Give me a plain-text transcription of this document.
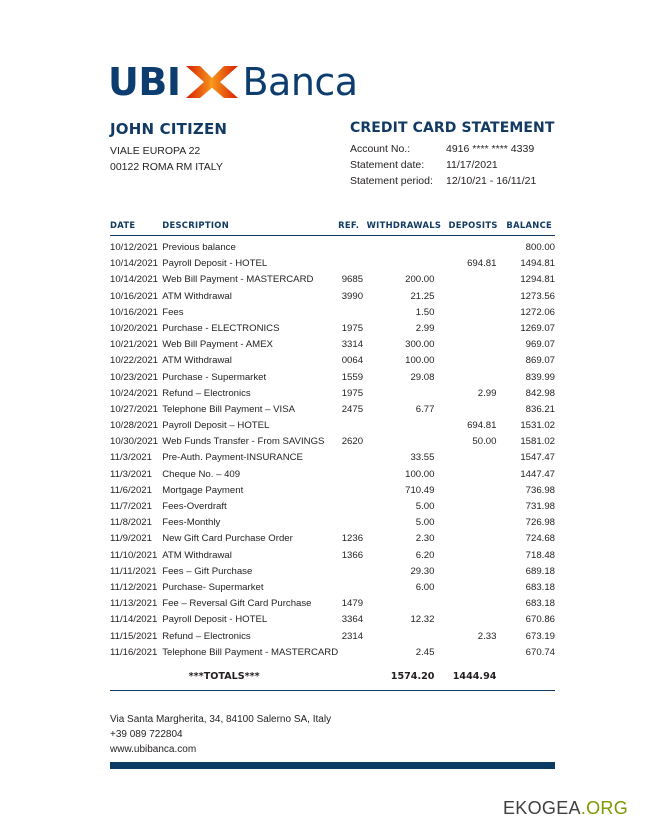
UBI Banca
JOHN CITIZEN
VIALE EUROPA 22
00122 ROMA RM ITALY
CREDIT CARD STATEMENT
Account No.:	4916 **** **** 4339
Statement date:	11/17/2021
Statement period:	12/10/21 - 16/11/21
DATE	DESCRIPTION	REF.	WITHDRAWALS	DEPOSITS	BALANCE
10/12/2021	Previous balance				800.00
10/14/2021	Payroll Deposit - HOTEL			694.81	1494.81
10/14/2021	Web Bill Payment - MASTERCARD	9685	200.00		1294.81
10/16/2021	ATM Withdrawal	3990	21.25		1273.56
10/16/2021	Fees		1.50		1272.06
10/20/2021	Purchase - ELECTRONICS	1975	2.99		1269.07
10/21/2021	Web Bill Payment - AMEX	3314	300.00		969.07
10/22/2021	ATM Withdrawal	0064	100.00		869.07
10/23/2021	Purchase - Supermarket	1559	29.08		839.99
10/24/2021	Refund – Electronics	1975		2.99	842.98
10/27/2021	Telephone Bill Payment – VISA	2475	6.77		836.21
10/28/2021	Payroll Deposit – HOTEL			694.81	1531.02
10/30/2021	Web Funds Transfer - From SAVINGS	2620		50.00	1581.02
11/3/2021	Pre-Auth. Payment-INSURANCE		33.55		1547.47
11/3/2021	Cheque No. – 409		100.00		1447.47
11/6/2021	Mortgage Payment		710.49		736.98
11/7/2021	Fees-Overdraft		5.00		731.98
11/8/2021	Fees-Monthly		5.00		726.98
11/9/2021	New Gift Card Purchase Order	1236	2.30		724.68
11/10/2021	ATM Withdrawal	1366	6.20		718.48
11/11/2021	Fees – Gift Purchase		29.30		689.18
11/12/2021	Purchase- Supermarket		6.00		683.18
11/13/2021	Fee – Reversal Gift Card Purchase	1479			683.18
11/14/2021	Payroll Deposit - HOTEL	3364	12.32		670.86
11/15/2021	Refund – Electronics	2314		2.33	673.19
11/16/2021	Telephone Bill Payment - MASTERCARD		2.45		670.74
	***TOTALS***		1574.20	1444.94	
Via Santa Margherita, 34, 84100 Salerno SA, Italy
+39 089 722804
www.ubibanca.com
EKOGEA.ORG
